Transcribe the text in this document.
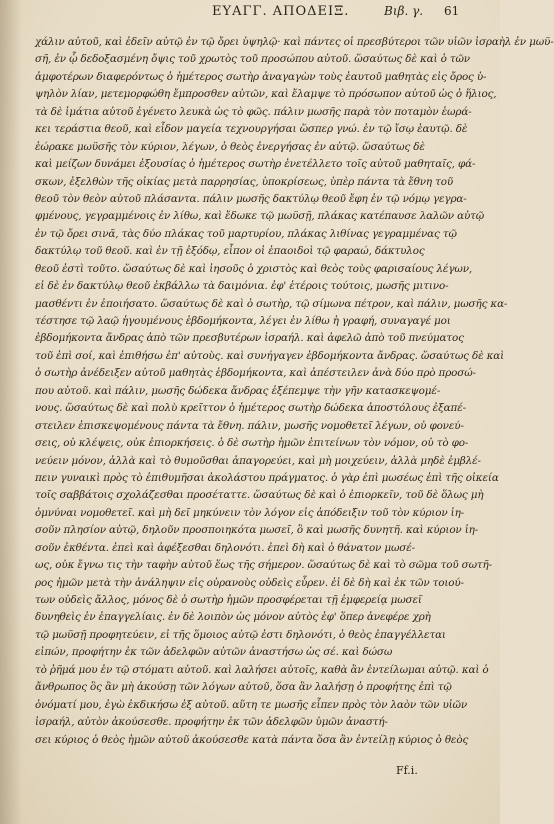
ΕΥΑΓΓ. ΑΠΟΔΕΙΞ.	Βιβ. γ. 61
χάλιν αὐτοῦ, καὶ ἐδεῖν αὐτῷ ἐν τῷ ὄρει ὑψηλῷ· καὶ πάντες οἱ πρεσβύτεροι τῶν υἱῶν ἰσραὴλ ἐν μωϋ-
σῆ, ἐν ᾧ δεδοξασμένη ὄψις τοῦ χρωτὸς τοῦ προσώπου αὐτοῦ. ὥσαύτως δὲ καὶ ὁ τῶν
ἀμφοτέρων διαφερόντως ὁ ἡμέτερος σωτὴρ ἀναγαγὼν τοὺς ἑαυτοῦ μαθητὰς εἰς ὄρος ὑ-
ψηλὸν λίαν, μετεμορφώθη ἔμπροσθεν αὐτῶν, καὶ ἔλαμψε τὸ πρόσωπον αὐτοῦ ὡς ὁ ἥλιος,
τὰ δὲ ἱμάτια αὐτοῦ ἐγένετο λευκὰ ὡς τὸ φῶς. πάλιν μωσῆς παρὰ τὸν ποταμὸν ἑωρά-
κει τεράστια θεοῦ, καὶ εἶδον μαγεία τεχνουργήσαι ὥσπερ γνώ. ἐν τῷ ἴσῳ ἑαυτῷ. δὲ
ἑώρακε μωϋσῆς τὸν κύριον, λέγων, ὁ θεὸς ἐνεργήσας ἐν αὐτῷ. ὥσαύτως δὲ
καὶ μείζων δυνάμει ἐξουσίας ὁ ἡμέτερος σωτὴρ ἐνετέλλετο τοῖς αὐτοῦ μαθηταῖς, φά-
σκων, ἐξελθὼν τῆς οἰκίας μετὰ παρρησίας, ὑποκρίσεως, ὑπὲρ πάντα τὰ ἔθνη τοῦ
θεοῦ τὸν θεὸν αὐτοῦ πλάσαντα. πάλιν μωσῆς δακτύλῳ θεοῦ ἔφη ἐν τῷ νόμῳ γεγρα-
φμένους, γεγραμμένοις ἐν λίθω, καὶ ἔδωκε τῷ μωϋσῇ, πλάκας κατέπαυσε λαλῶν αὐτῷ
ἐν τῷ ὄρει σινᾶ, τὰς δύο πλάκας τοῦ μαρτυρίου, πλάκας λιθίνας γεγραμμένας τῷ
δακτύλῳ τοῦ θεοῦ. καὶ ἐν τῇ ἐξόδῳ, εἶπον οἱ ἐπαοιδοὶ τῷ φαραώ, δάκτυλος
θεοῦ ἐστὶ τοῦτο. ὥσαύτως δὲ καὶ ἰησοῦς ὁ χριστὸς καὶ θεὸς τοὺς φαρισαίους λέγων,
εἰ δὲ ἐν δακτύλῳ θεοῦ ἐκβάλλω τὰ δαιμόνια. ἐφ' ἑτέροις τούτοις, μωσῆς μιτινο-
μασθέντι ἐν ἐποιήσατο. ὥσαύτως δὲ καὶ ὁ σωτὴρ, τῷ σίμωνα πέτρον, καὶ πάλιν, μωσῆς κα-
τέστησε τῷ λαῷ ἡγουμένους ἑβδομήκοντα, λέγει ἐν λίθω ἡ γραφή, συναγαγέ μοι
ἑβδομήκοντα ἄνδρας ἀπὸ τῶν πρεσβυτέρων ἰσραήλ. καὶ ἀφελῶ ἀπὸ τοῦ πνεύματος
τοῦ ἐπὶ σοί, καὶ ἐπιθήσω ἐπ' αὐτοὺς. καὶ συνήγαγεν ἑβδομήκοντα ἄνδρας. ὥσαύτως δὲ καὶ
ὁ σωτὴρ ἀνέδειξεν αὐτοῦ μαθητὰς ἑβδομήκοντα, καὶ ἀπέστειλεν ἀνὰ δύο πρὸ προσώ-
που αὐτοῦ. καὶ πάλιν, μωσῆς δώδεκα ἄνδρας ἐξέπεμψε τὴν γῆν κατασκεψομέ-
νους. ὥσαύτως δὲ καὶ πολὺ κρεῖττον ὁ ἡμέτερος σωτὴρ δώδεκα ἀποστόλους ἐξαπέ-
στειλεν ἐπισκεψομένους πάντα τὰ ἔθνη. πάλιν, μωσῆς νομοθετεῖ λέγων, οὐ φονεύ-
σεις, οὐ κλέψεις, οὐκ ἐπιορκήσεις. ὁ δὲ σωτὴρ ἡμῶν ἐπιτείνων τὸν νόμον, οὐ τὸ φο-
νεύειν μόνον, ἀλλὰ καὶ τὸ θυμοῦσθαι ἀπαγορεύει, καὶ μὴ μοιχεύειν, ἀλλὰ μηδὲ ἐμβλέ-
πειν γυναικὶ πρὸς τὸ ἐπιθυμῆσαι ἀκολάστου πράγματος. ὁ γὰρ ἐπὶ μωσέως ἐπὶ τῆς οἰκεία
τοῖς σαββάτοις σχολάζεσθαι προσέταττε. ὥσαύτως δὲ καὶ ὁ ἐπιορκεῖν, τοῦ δὲ ὅλως μὴ
ὀμνύναι νομοθετεῖ. καὶ μὴ δεῖ μηκύνειν τὸν λόγον εἰς ἀπόδειξιν τοῦ τὸν κύριον ἰη-
σοῦν πλησίον αὐτῷ, δηλοῦν προσποιηκότα μωσεῖ, ὃ καὶ μωσῆς δυνητῆ. καὶ κύριον ἰη-
σοῦν ἐκθέντα. ἐπεὶ καὶ ἀφέξεσθαι δηλονότι. ἐπεὶ δὴ καὶ ὁ θάνατον μωσέ-
ως, οὐκ ἔγνω τις τὴν ταφὴν αὐτοῦ ἕως τῆς σήμερον. ὥσαύτως δὲ καὶ τὸ σῶμα τοῦ σωτῆ-
ρος ἡμῶν μετὰ τὴν ἀνάληψιν εἰς οὐρανοὺς οὐδεὶς εὗρεν. ἐἰ δὲ δὴ καὶ ἐκ τῶν τοιού-
των οὐδεὶς ἄλλος, μόνος δὲ ὁ σωτὴρ ἡμῶν προσφέρεται τῇ ἐμφερείᾳ μωσεῖ
δυνηθεὶς ἐν ἐπαγγελίαις. ἐν δὲ λοιπὸν ὡς μόνον αὐτὸς ἐφ' ὅπερ ἀνεφέρε χρὴ
τῷ μωϋσῇ προφητεύειν, εἰ τῆς ὅμοιος αὐτῷ ἐστι δηλονότι, ὁ θεὸς ἐπαγγέλλεται
εἰπών, προφήτην ἐκ τῶν ἀδελφῶν αὐτῶν ἀναστήσω ὡς σέ. καὶ δώσω
τὸ ῥῆμά μου ἐν τῷ στόματι αὐτοῦ. καὶ λαλήσει αὐτοῖς, καθὰ ἂν ἐντείλωμαι αὐτῷ. καὶ ὁ
ἄνθρωπος ὃς ἂν μὴ ἀκούσῃ τῶν λόγων αὐτοῦ, ὅσα ἂν λαλήσῃ ὁ προφήτης ἐπὶ τῷ
ὀνόματί μου, ἐγὼ ἐκδικήσω ἐξ αὐτοῦ. αὕτη τε μωσῆς εἶπεν πρὸς τὸν λαὸν τῶν υἱῶν
ἰσραήλ, αὐτὸν ἀκούσεσθε. προφήτην ἐκ τῶν ἀδελφῶν ὑμῶν ἀναστή-
σει κύριος ὁ θεὸς ἡμῶν αὐτοῦ ἀκούσεσθε κατὰ πάντα ὅσα ἂν ἐντείλῃ κύριος ὁ θεὸς
Ff.i.
